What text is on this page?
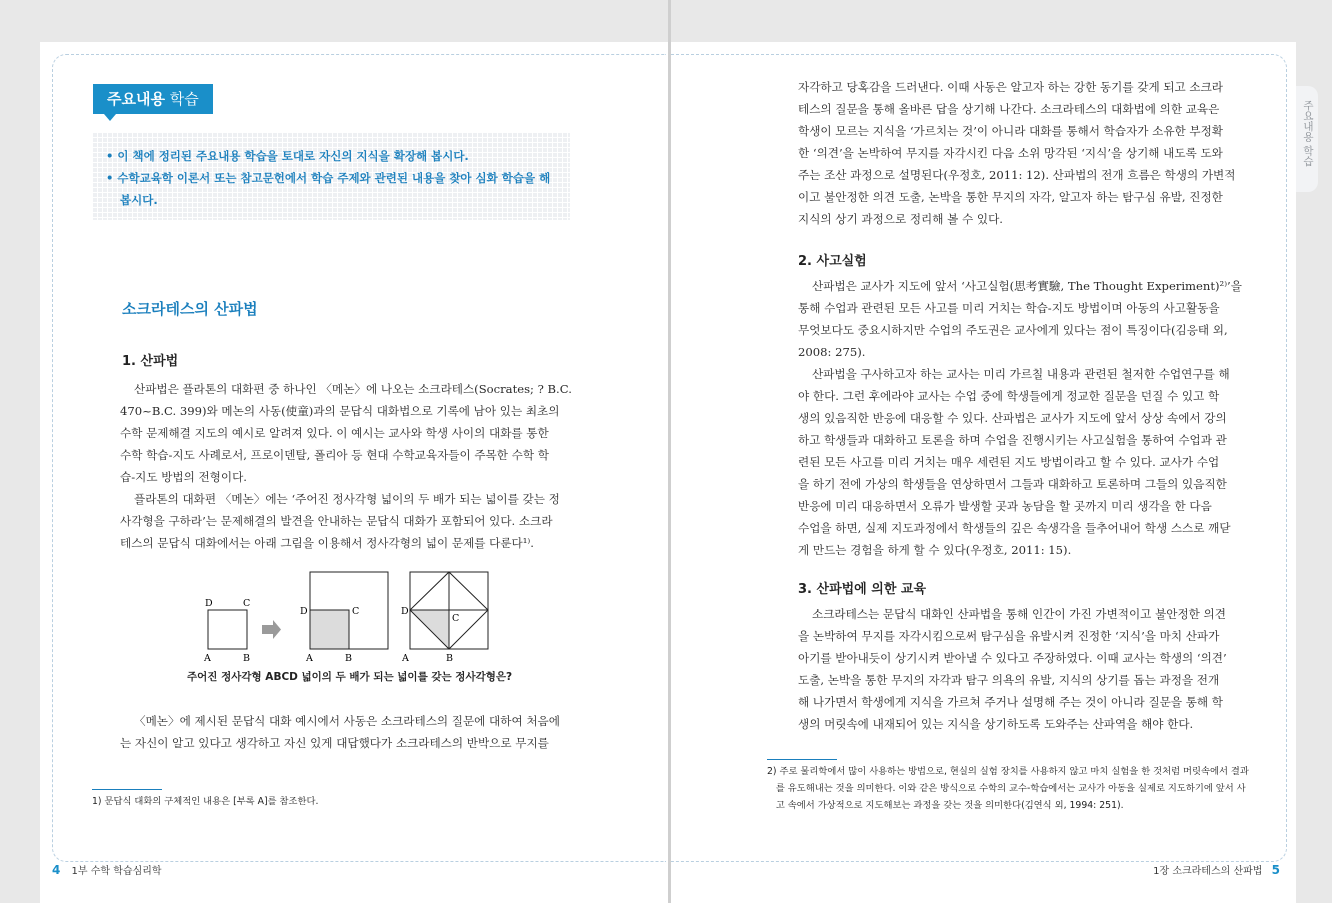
주요내용 학습
• 이 책에 정리된 주요내용 학습을 토대로 자신의 지식을 확장해 봅시다.
• 수학교육학 이론서 또는 참고문헌에서 학습 주제와 관련된 내용을 찾아 심화 학습을 해
봅시다.
소크라테스의 산파법
1. 산파법
산파법은 플라톤의 대화편 중 하나인 〈메논〉에 나오는 소크라테스(Socrates; ? B.C.
470~B.C. 399)와 메논의 사동(使童)과의 문답식 대화법으로 기록에 남아 있는 최초의
수학 문제해결 지도의 예시로 알려져 있다. 이 예시는 교사와 학생 사이의 대화를 통한
수학 학습-지도 사례로서, 프로이덴탈, 폴리아 등 현대 수학교육자들이 주목한 수학 학
습-지도 방법의 전형이다.
플라톤의 대화편 〈메논〉에는 ‘주어진 정사각형 넓이의 두 배가 되는 넓이를 갖는 정
사각형을 구하라’는 문제해결의 발견을 안내하는 문답식 대화가 포함되어 있다. 소크라
테스의 문답식 대화에서는 아래 그림을 이용해서 정사각형의 넓이 문제를 다룬다¹⁾.
D	C
A	B
D	C
A	B
D
C
A	B
주어진 정사각형 ABCD 넓이의 두 배가 되는 넓이를 갖는 정사각형은?
〈메논〉에 제시된 문답식 대화 예시에서 사동은 소크라테스의 질문에 대하여 처음에
는 자신이 알고 있다고 생각하고 자신 있게 대답했다가 소크라테스의 반박으로 무지를
1) 문답식 대화의 구체적인 내용은 [부록 A]를 참조한다.
4 1부 수학 학습심리학
자각하고 당혹감을 드러낸다. 이때 사동은 알고자 하는 강한 동기를 갖게 되고 소크라
테스의 질문을 통해 올바른 답을 상기해 나간다. 소크라테스의 대화법에 의한 교육은
학생이 모르는 지식을 ‘가르치는 것’이 아니라 대화를 통해서 학습자가 소유한 부정확
한 ‘의견’을 논박하여 무지를 자각시킨 다음 소위 망각된 ‘지식’을 상기해 내도록 도와
주는 조산 과정으로 설명된다(우정호, 2011: 12). 산파법의 전개 흐름은 학생의 가변적
이고 불안정한 의견 도출, 논박을 통한 무지의 자각, 알고자 하는 탐구심 유발, 진정한
지식의 상기 과정으로 정리해 볼 수 있다.
2. 사고실험
산파법은 교사가 지도에 앞서 ‘사고실험(思考實驗, The Thought Experiment)²⁾’을
통해 수업과 관련된 모든 사고를 미리 거치는 학습-지도 방법이며 아동의 사고활동을
무엇보다도 중요시하지만 수업의 주도권은 교사에게 있다는 점이 특징이다(김응태 외,
2008: 275).
산파법을 구사하고자 하는 교사는 미리 가르칠 내용과 관련된 철저한 수업연구를 해
야 한다. 그런 후에라야 교사는 수업 중에 학생들에게 정교한 질문을 던질 수 있고 학
생의 있음직한 반응에 대응할 수 있다. 산파법은 교사가 지도에 앞서 상상 속에서 강의
하고 학생들과 대화하고 토론을 하며 수업을 진행시키는 사고실험을 통하여 수업과 관
련된 모든 사고를 미리 거치는 매우 세련된 지도 방법이라고 할 수 있다. 교사가 수업
을 하기 전에 가상의 학생들을 연상하면서 그들과 대화하고 토론하며 그들의 있음직한
반응에 미리 대응하면서 오류가 발생할 곳과 농담을 할 곳까지 미리 생각을 한 다음
수업을 하면, 실제 지도과정에서 학생들의 깊은 속생각을 들추어내어 학생 스스로 깨닫
게 만드는 경험을 하게 할 수 있다(우정호, 2011: 15).
3. 산파법에 의한 교육
소크라테스는 문답식 대화인 산파법을 통해 인간이 가진 가변적이고 불안정한 의견
을 논박하여 무지를 자각시킴으로써 탐구심을 유발시켜 진정한 ‘지식’을 마치 산파가
아기를 받아내듯이 상기시켜 받아낼 수 있다고 주장하였다. 이때 교사는 학생의 ‘의견’
도출, 논박을 통한 무지의 자각과 탐구 의욕의 유발, 지식의 상기를 돕는 과정을 전개
해 나가면서 학생에게 지식을 가르쳐 주거나 설명해 주는 것이 아니라 질문을 통해 학
생의 머릿속에 내재되어 있는 지식을 상기하도록 도와주는 산파역을 해야 한다.
2) 주로 물리학에서 많이 사용하는 방법으로, 현실의 실험 장치를 사용하지 않고 마치 실험을 한 것처럼 머릿속에서 결과
를 유도해내는 것을 의미한다. 이와 같은 방식으로 수학의 교수-학습에서는 교사가 아동을 실제로 지도하기에 앞서 사
고 속에서 가상적으로 지도해보는 과정을 갖는 것을 의미한다(김연식 외, 1994: 251).
1장 소크라테스의 산파법 5
주요내용 학습
